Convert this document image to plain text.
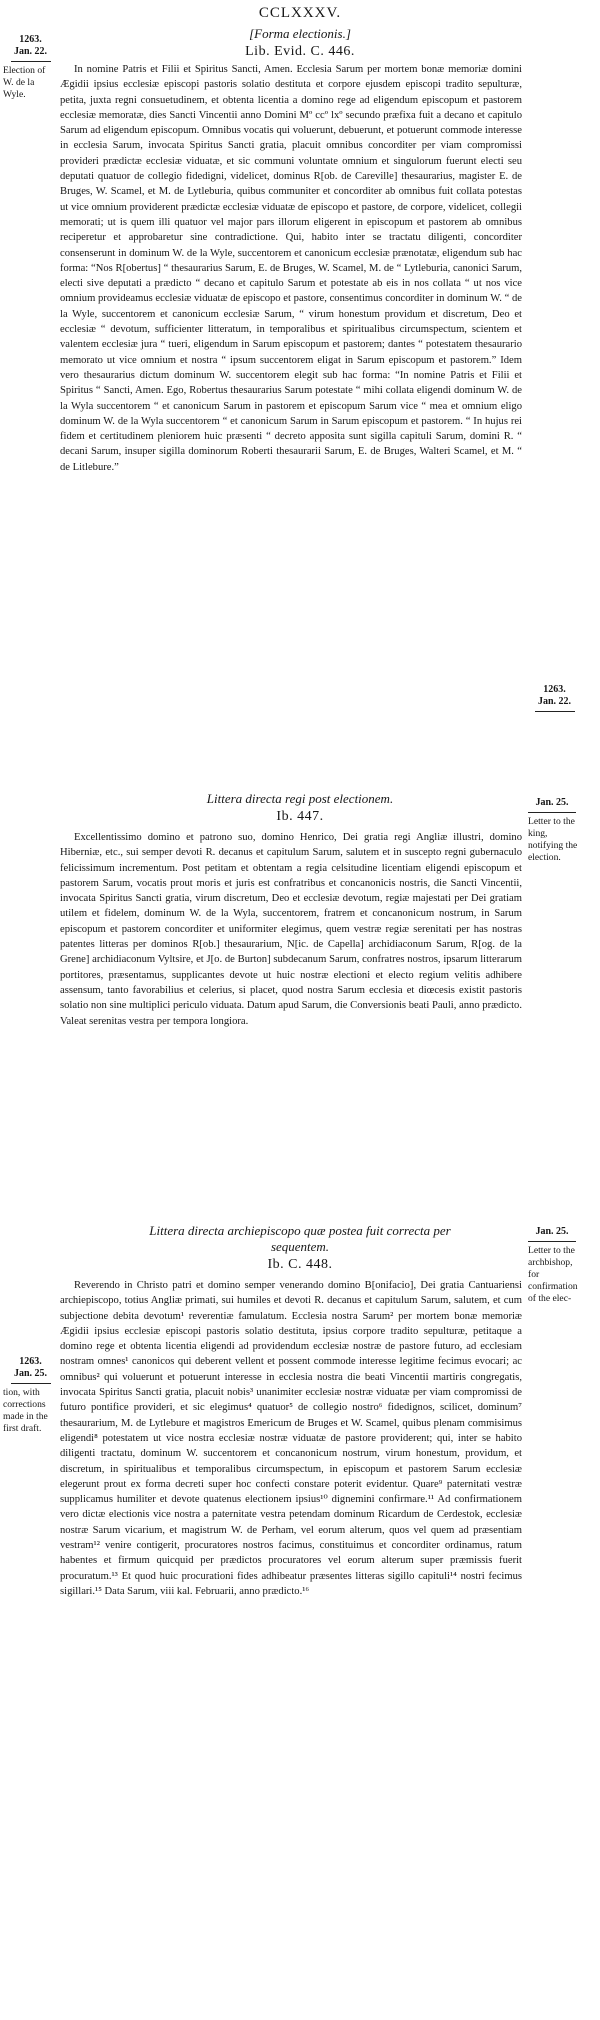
CCLXXXV.
[Forma electionis.]
Lib. Evid. C. 446.
1263. Jan. 22.
Election of W. de la Wyle.

In nomine Patris et Filii et Spiritus Sancti, Amen. Ecclesia Sarum per mortem bonæ memoriæ domini Ægidii ipsius ecclesiæ episcopi pastoris solatio destituta et corpore ejusdem episcopi tradito sepulturæ, petita, juxta regni consuetudinem, et obtenta licentia a domino rege ad eligendum episcopum et pastorem ecclesiæ memoratæ, dies Sancti Vincentii anno Domini Mº ccº lxº secundo præfixa fuit a decano et capitulo Sarum ad eligendum episcopum. Omnibus vocatis qui voluerunt, debuerunt, et potuerunt commode interesse in ecclesia Sarum, invocata Spiritus Sancti gratia, placuit omnibus concorditer per viam compromissi provideri prædictæ ecclesiæ viduatæ, et sic communi voluntate omnium et singulorum fuerunt electi seu deputati quatuor de collegio fidedigni, videlicet, dominus R[ob. de Careville] thesaurarius, magister E. de Bruges, W. Scamel, et M. de Lytleburia, quibus communiter et concorditer ab omnibus fuit collata potestas ut vice omnium providerent prædictæ ecclesiæ viduatæ de episcopo et pastore, de corpore, videlicet, collegii memorati; ut is quem illi quatuor vel major pars illorum eligerent in episcopum et pastorem ab omnibus reciperetur et approbaretur sine contradictione. Qui, habito inter se tractatu diligenti, concorditer consenserunt in dominum W. de la Wyle, succentorem et canonicum ecclesiæ prænotatæ, eligendum sub hac forma: “Nos R[obertus] “ thesaurarius Sarum, E. de Bruges, W. Scamel, M. de “ Lytleburia, canonici Sarum, electi sive deputati a prædicto “ decano et capitulo Sarum et potestate ab eis in nos collata “ ut nos vice omnium provideamus ecclesiæ viduatæ de episcopo et pastore, consentimus concorditer in dominum W. “ de la Wyle, succentorem et canonicum ecclesiæ Sarum, “ virum honestum providum et discretum, Deo et ecclesiæ “ devotum, sufficienter litteratum, in temporalibus et spiritualibus circumspectum, scientem et valentem ecclesiæ jura “ tueri, eligendum in Sarum episcopum et pastorem; dantes “ potestatem thesaurario memorato ut vice omnium et nostra “ ipsum succentorem eligat in Sarum episcopum et pastorem.” Idem vero thesaurarius dictum dominum W. succentorem elegit sub hac forma: “In nomine Patris et Filii et Spiritus “ Sancti, Amen. Ego, Robertus thesaurarius Sarum potestate “ mihi collata eligendi dominum W. de la Wyla succentorem “ et canonicum Sarum in pastorem et episcopum Sarum vice “ mea et omnium eligo dominum W. de la Wyla succentorem “ et canonicum Sarum in Sarum episcopum et pastorem. “ In hujus rei fidem et certitudinem pleniorem huic præsenti “ decreto apposita sunt sigilla capituli Sarum, domini R. “ decani Sarum, insuper sigilla dominorum Roberti thesaurarii Sarum, E. de Bruges, Walteri Scamel, et M. “ de Litlebure.”

1263. Jan. 22.
Littera directa regi post electionem.
Ib. 447.
Jan. 25.
Letter to the king, notifying the election.

Excellentissimo domino et patrono suo, domino Henrico, Dei gratia regi Angliæ illustri, domino Hiberniæ, etc., sui semper devoti R. decanus et capitulum Sarum, salutem et in suscepto regni gubernaculo felicissimum incrementum. Post petitam et obtentam a regia celsitudine licentiam eligendi episcopum et pastorem Sarum, vocatis prout moris et juris est confratribus et concanonicis nostris, die Sancti Vincentii, invocata Spiritus Sancti gratia, virum discretum, Deo et ecclesiæ devotum, regiæ majestati per Dei gratiam utilem et fidelem, dominum W. de la Wyla, succentorem, fratrem et concanonicum nostrum, in Sarum episcopum et pastorem concorditer et uniformiter elegimus, quem vestræ regiæ serenitati per has nostras patentes litteras per dominos R[ob.] thesaurarium, N[ic. de Capella] archidiaconum Sarum, R[og. de la Grene] archidiaconum Vyltsire, et J[o. de Burton] subdecanum Sarum, confratres nostros, ipsarum litterarum portitores, præsentamus, supplicantes devote ut huic nostræ electioni et electo regium velitis adhibere assensum, tanto favorabilius et celerius, si placet, quod nostra Sarum ecclesia et diœcesis existit pastoris solatio non sine multiplici periculo viduata. Datum apud Sarum, die Conversionis beati Pauli, anno prædicto. Valeat serenitas vestra per tempora longiora.

Littera directa archiepiscopo quæ postea fuit correcta per
sequentem.
Ib. C. 448.
Jan. 25.
Letter to the archbishop, for confirmation of the elec-
1263. Jan. 25.
tion, with corrections made in the first draft.

Reverendo in Christo patri et domino semper venerando domino B[onifacio], Dei gratia Cantuariensi archiepiscopo, totius Angliæ primati, sui humiles et devoti R. decanus et capitulum Sarum, salutem, et cum subjectione debita devotum¹ reverentiæ famulatum. Ecclesia nostra Sarum² per mortem bonæ memoriæ Ægidii ipsius ecclesiæ episcopi pastoris solatio destituta, ipsius corpore tradito sepulturæ, petitaque a domino rege et obtenta licentia eligendi ad providendum ecclesiæ nostræ de pastore futuro, ad ecclesiam nostram omnes¹ canonicos qui deberent vellent et possent commode interesse legitime fecimus evocari; ac omnibus² qui voluerunt et potuerunt interesse in ecclesia nostra die beati Vincentii martiris congregatis, invocata Spiritus Sancti gratia, placuit nobis³ unanimiter ecclesiæ nostræ viduatæ per viam compromissi de futuro pontifice provideri, et sic elegimus⁴ quatuor⁵ de collegio nostro⁶ fidedignos, scilicet, dominum⁷ thesaurarium, M. de Lytlebure et magistros Emericum de Bruges et W. Scamel, quibus plenam commisimus eligendi⁸ potestatem ut vice nostra ecclesiæ nostræ viduatæ de pastore providerent; qui, inter se habito diligenti tractatu, dominum W. succentorem et concanonicum nostrum, virum honestum, providum, et discretum, in spiritualibus et temporalibus circumspectum, in episcopum et pastorem Sarum ecclesiæ elegerunt prout ex forma decreti super hoc confecti constare poterit evidentur. Quare⁹ paternitati vestræ supplicamus humiliter et devote quatenus electionem ipsius¹⁰ dignemini confirmare.¹¹ Ad confirmationem vero dictæ electionis vice nostra a paternitate vestra petendam dominum Ricardum de Cerdestok, ecclesiæ nostræ Sarum vicarium, et magistrum W. de Perham, vel eorum alterum, quos vel quem ad præsentiam vestram¹² venire contigerit, procuratores nostros facimus, constituimus et concorditer ordinamus, ratum habentes et firmum quicquid per prædictos procuratores vel eorum alterum super præmissis fuerit procuratum.¹³ Et quod huic procurationi fides adhibeatur præsentes litteras sigillo capituli¹⁴ nostri fecimus sigillari.¹⁵ Data Sarum, viii kal. Februarii, anno prædicto.¹⁶
